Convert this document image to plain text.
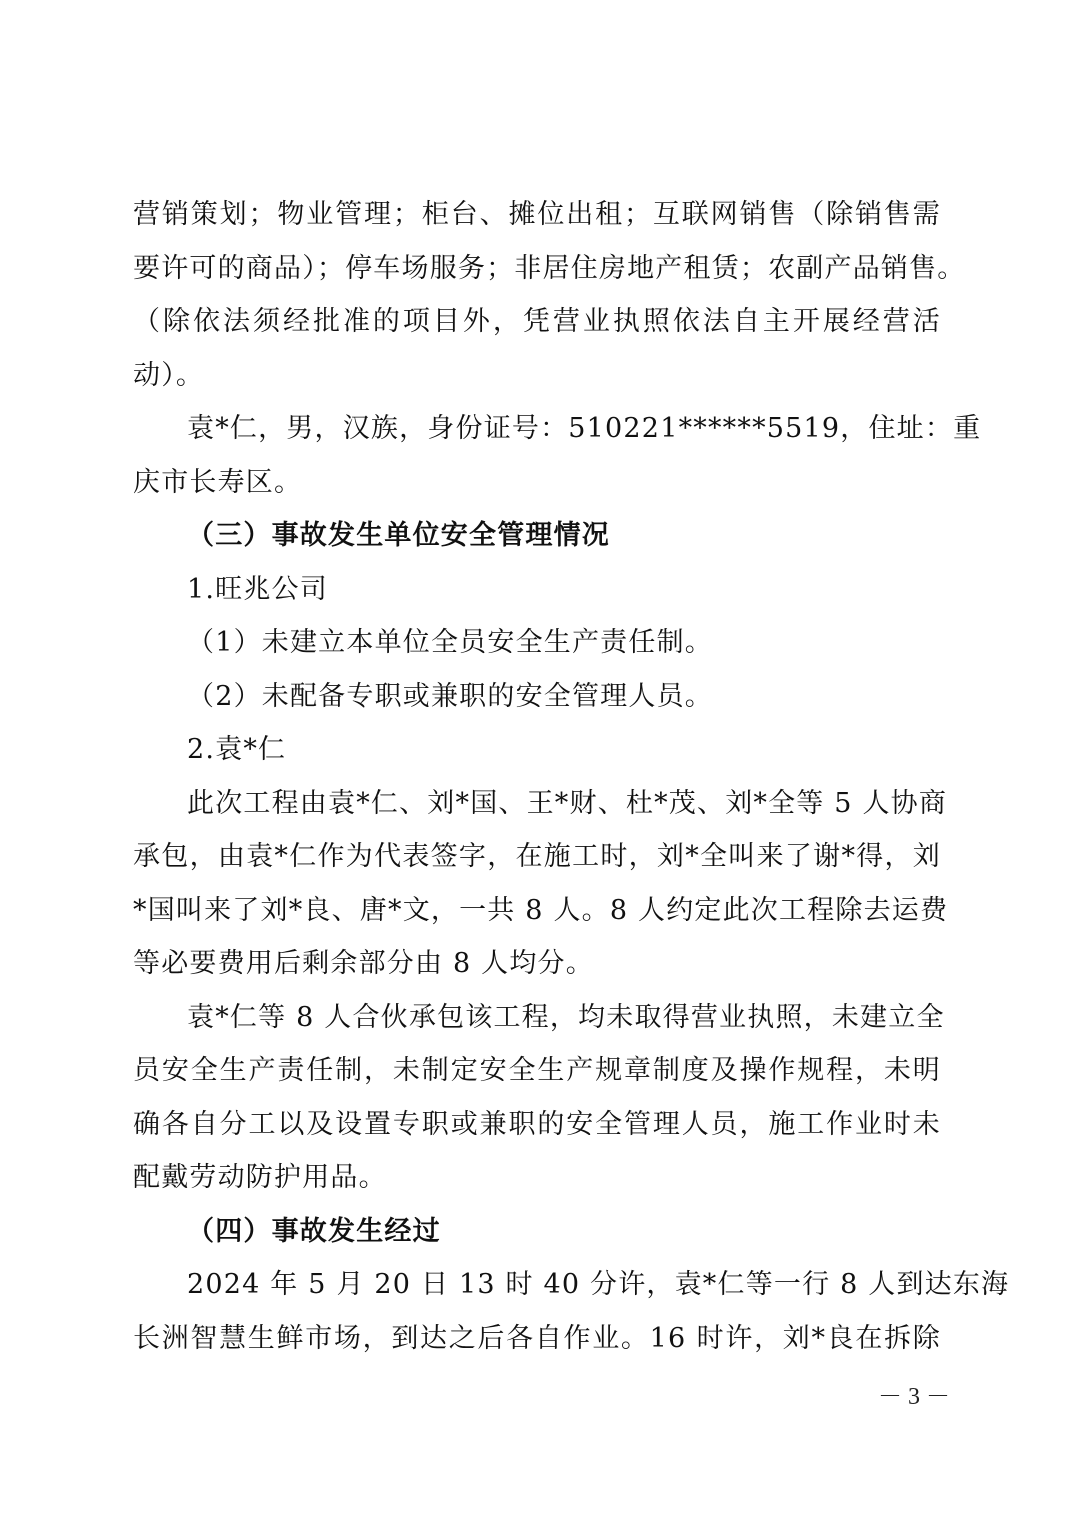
营销策划；物业管理；柜台、摊位出租；互联网销售（除销售需
要许可的商品）；停车场服务；非居住房地产租赁；农副产品销售。
（除依法须经批准的项目外，凭营业执照依法自主开展经营活
动）。
袁*仁，男，汉族，身份证号：510221******5519，住址：重
庆市长寿区。
（三）事故发生单位安全管理情况
1.旺兆公司
（1）未建立本单位全员安全生产责任制。
（2）未配备专职或兼职的安全管理人员。
2.袁*仁
此次工程由袁*仁、刘*国、王*财、杜*茂、刘*全等 5 人协商
承包，由袁*仁作为代表签字，在施工时，刘*全叫来了谢*得，刘
*国叫来了刘*良、唐*文，一共 8 人。8 人约定此次工程除去运费
等必要费用后剩余部分由 8 人均分。
袁*仁等 8 人合伙承包该工程，均未取得营业执照，未建立全
员安全生产责任制，未制定安全生产规章制度及操作规程，未明
确各自分工以及设置专职或兼职的安全管理人员，施工作业时未
配戴劳动防护用品。
（四）事故发生经过
2024 年 5 月 20 日 13 时 40 分许，袁*仁等一行 8 人到达东海
长洲智慧生鲜市场，到达之后各自作业。16 时许，刘*良在拆除
－ 3 －
